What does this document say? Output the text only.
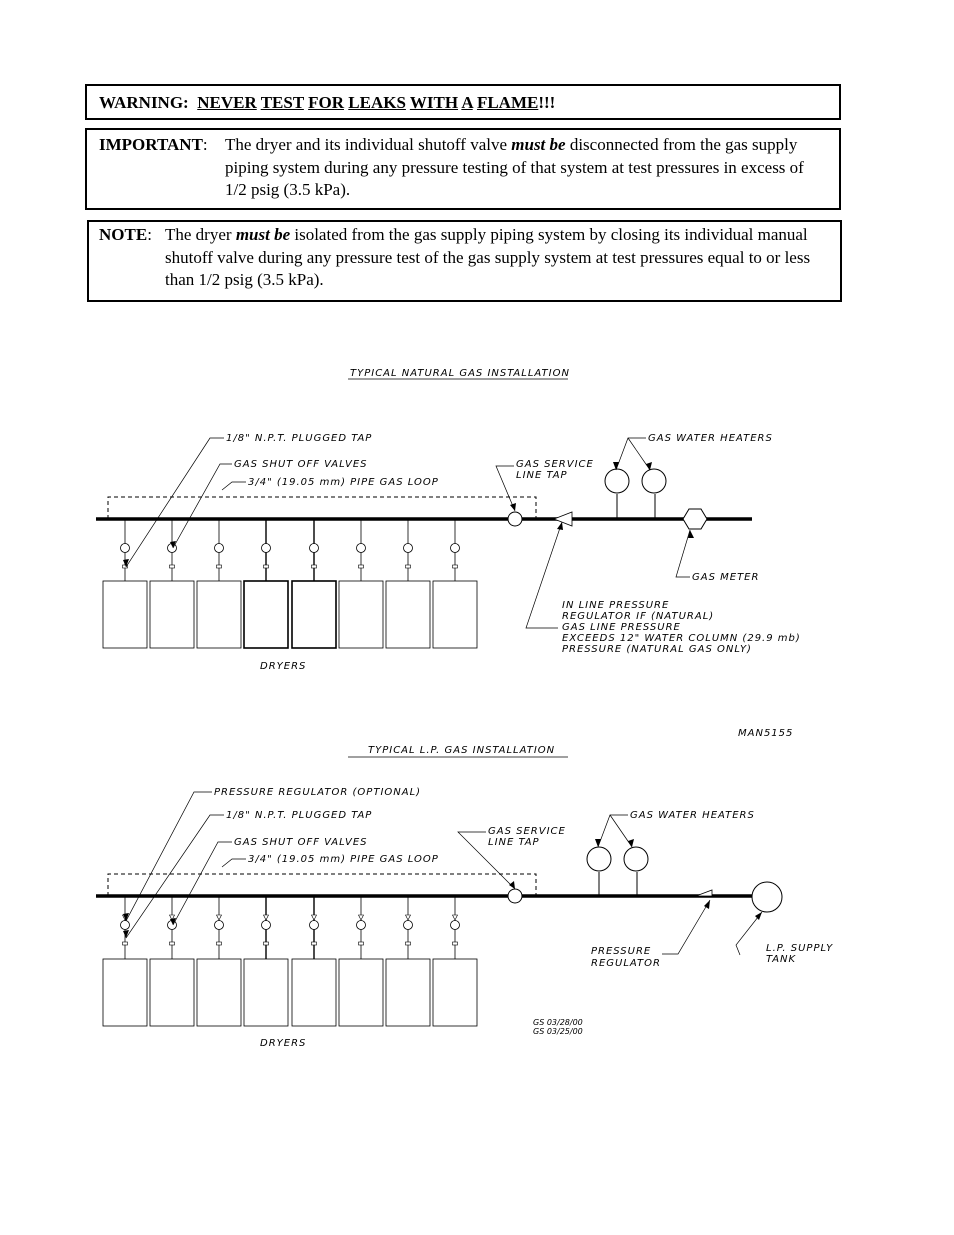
WARNING: NEVER TEST FOR LEAKS WITH A FLAME!!!
IMPORTANT:	The dryer and its individual shutoff valve must be disconnected from the gas supply piping system during any pressure testing of that system at test pressures in excess of 1/2 psig (3.5 kPa).
NOTE: The dryer must be isolated from the gas supply piping system by closing its individual manual shutoff valve during any pressure test of the gas supply system at test pressures equal to or less than 1/2 psig (3.5 kPa).
TYPICAL NATURAL GAS INSTALLATION
1/8" N.P.T. PLUGGED TAP
GAS SHUT OFF VALVES
3/4" (19.05 mm) PIPE GAS LOOP
GAS SERVICE
LINE TAP
GAS WATER HEATERS
GAS METER
IN LINE PRESSURE
REGULATOR IF (NATURAL)
GAS LINE PRESSURE
EXCEEDS 12" WATER COLUMN (29.9 mb)
PRESSURE (NATURAL GAS ONLY)
DRYERS
MAN5155
TYPICAL L.P. GAS INSTALLATION
PRESSURE REGULATOR (OPTIONAL)
1/8" N.P.T. PLUGGED TAP
GAS SHUT OFF VALVES
3/4" (19.05 mm) PIPE GAS LOOP
GAS SERVICE
LINE TAP
GAS WATER HEATERS
PRESSURE
REGULATOR
L.P. SUPPLY
TANK
GS 03/28/00
GS 03/25/00
DRYERS
